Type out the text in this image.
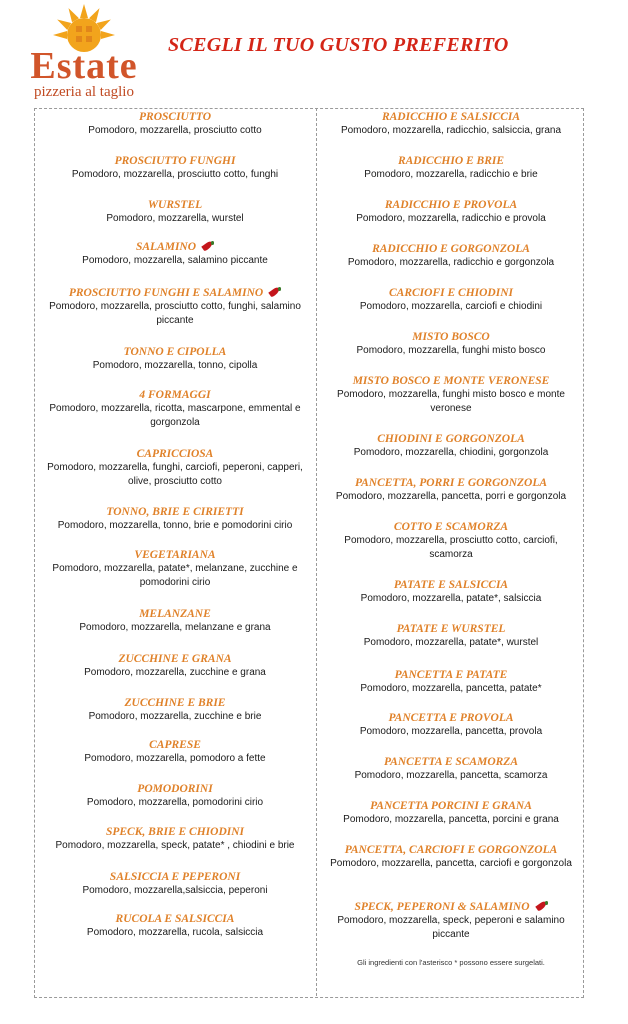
Estate
pizzeria al taglio
SCEGLI IL TUO GUSTO PREFERITO
PROSCIUTTO
Pomodoro, mozzarella, prosciutto cotto
PROSCIUTTO FUNGHI
Pomodoro, mozzarella, prosciutto cotto, funghi
WURSTEL
Pomodoro, mozzarella, wurstel
SALAMINO
Pomodoro, mozzarella, salamino piccante
PROSCIUTTO FUNGHI E SALAMINO
Pomodoro, mozzarella, prosciutto cotto, funghi, salamino piccante
TONNO E CIPOLLA
Pomodoro, mozzarella, tonno, cipolla
4 FORMAGGI
Pomodoro, mozzarella, ricotta, mascarpone, emmental e gorgonzola
CAPRICCIOSA
Pomodoro, mozzarella, funghi, carciofi, peperoni, capperi, olive, prosciutto cotto
TONNO, BRIE E CIRIETTI
Pomodoro, mozzarella, tonno, brie e pomodorini cirio
VEGETARIANA
Pomodoro, mozzarella, patate*, melanzane, zucchine e pomodorini cirio
MELANZANE
Pomodoro, mozzarella, melanzane e grana
ZUCCHINE E GRANA
Pomodoro, mozzarella, zucchine e grana
ZUCCHINE E BRIE
Pomodoro, mozzarella, zucchine e brie
CAPRESE
Pomodoro, mozzarella, pomodoro a fette
POMODORINI
Pomodoro, mozzarella, pomodorini cirio
SPECK, BRIE E CHIODINI
Pomodoro, mozzarella, speck, patate* , chiodini e brie
SALSICCIA E PEPERONI
Pomodoro, mozzarella,salsiccia, peperoni
RUCOLA E SALSICCIA
Pomodoro, mozzarella, rucola, salsiccia
RADICCHIO E SALSICCIA
Pomodoro, mozzarella, radicchio, salsiccia, grana
RADICCHIO E BRIE
Pomodoro, mozzarella, radicchio e brie
RADICCHIO E PROVOLA
Pomodoro, mozzarella, radicchio e provola
RADICCHIO E GORGONZOLA
Pomodoro, mozzarella, radicchio e gorgonzola
CARCIOFI E CHIODINI
Pomodoro, mozzarella, carciofi e chiodini
MISTO BOSCO
Pomodoro, mozzarella, funghi misto bosco
MISTO BOSCO E MONTE VERONESE
Pomodoro, mozzarella, funghi misto bosco e monte veronese
CHIODINI E GORGONZOLA
Pomodoro, mozzarella, chiodini, gorgonzola
PANCETTA, PORRI E GORGONZOLA
Pomodoro, mozzarella, pancetta, porri e gorgonzola
COTTO E SCAMORZA
Pomodoro, mozzarella, prosciutto cotto, carciofi, scamorza
PATATE E SALSICCIA
Pomodoro, mozzarella, patate*, salsiccia
PATATE E WURSTEL
Pomodoro, mozzarella, patate*, wurstel
PANCETTA E PATATE
Pomodoro, mozzarella, pancetta, patate*
PANCETTA E PROVOLA
Pomodoro, mozzarella, pancetta, provola
PANCETTA E SCAMORZA
Pomodoro, mozzarella, pancetta, scamorza
PANCETTA PORCINI E GRANA
Pomodoro, mozzarella, pancetta, porcini e grana
PANCETTA, CARCIOFI E GORGONZOLA
Pomodoro, mozzarella, pancetta, carciofi e gorgonzola
SPECK, PEPERONI & SALAMINO
Pomodoro, mozzarella, speck, peperoni e salamino piccante
Gli ingredienti con l'asterisco * possono essere surgelati.
